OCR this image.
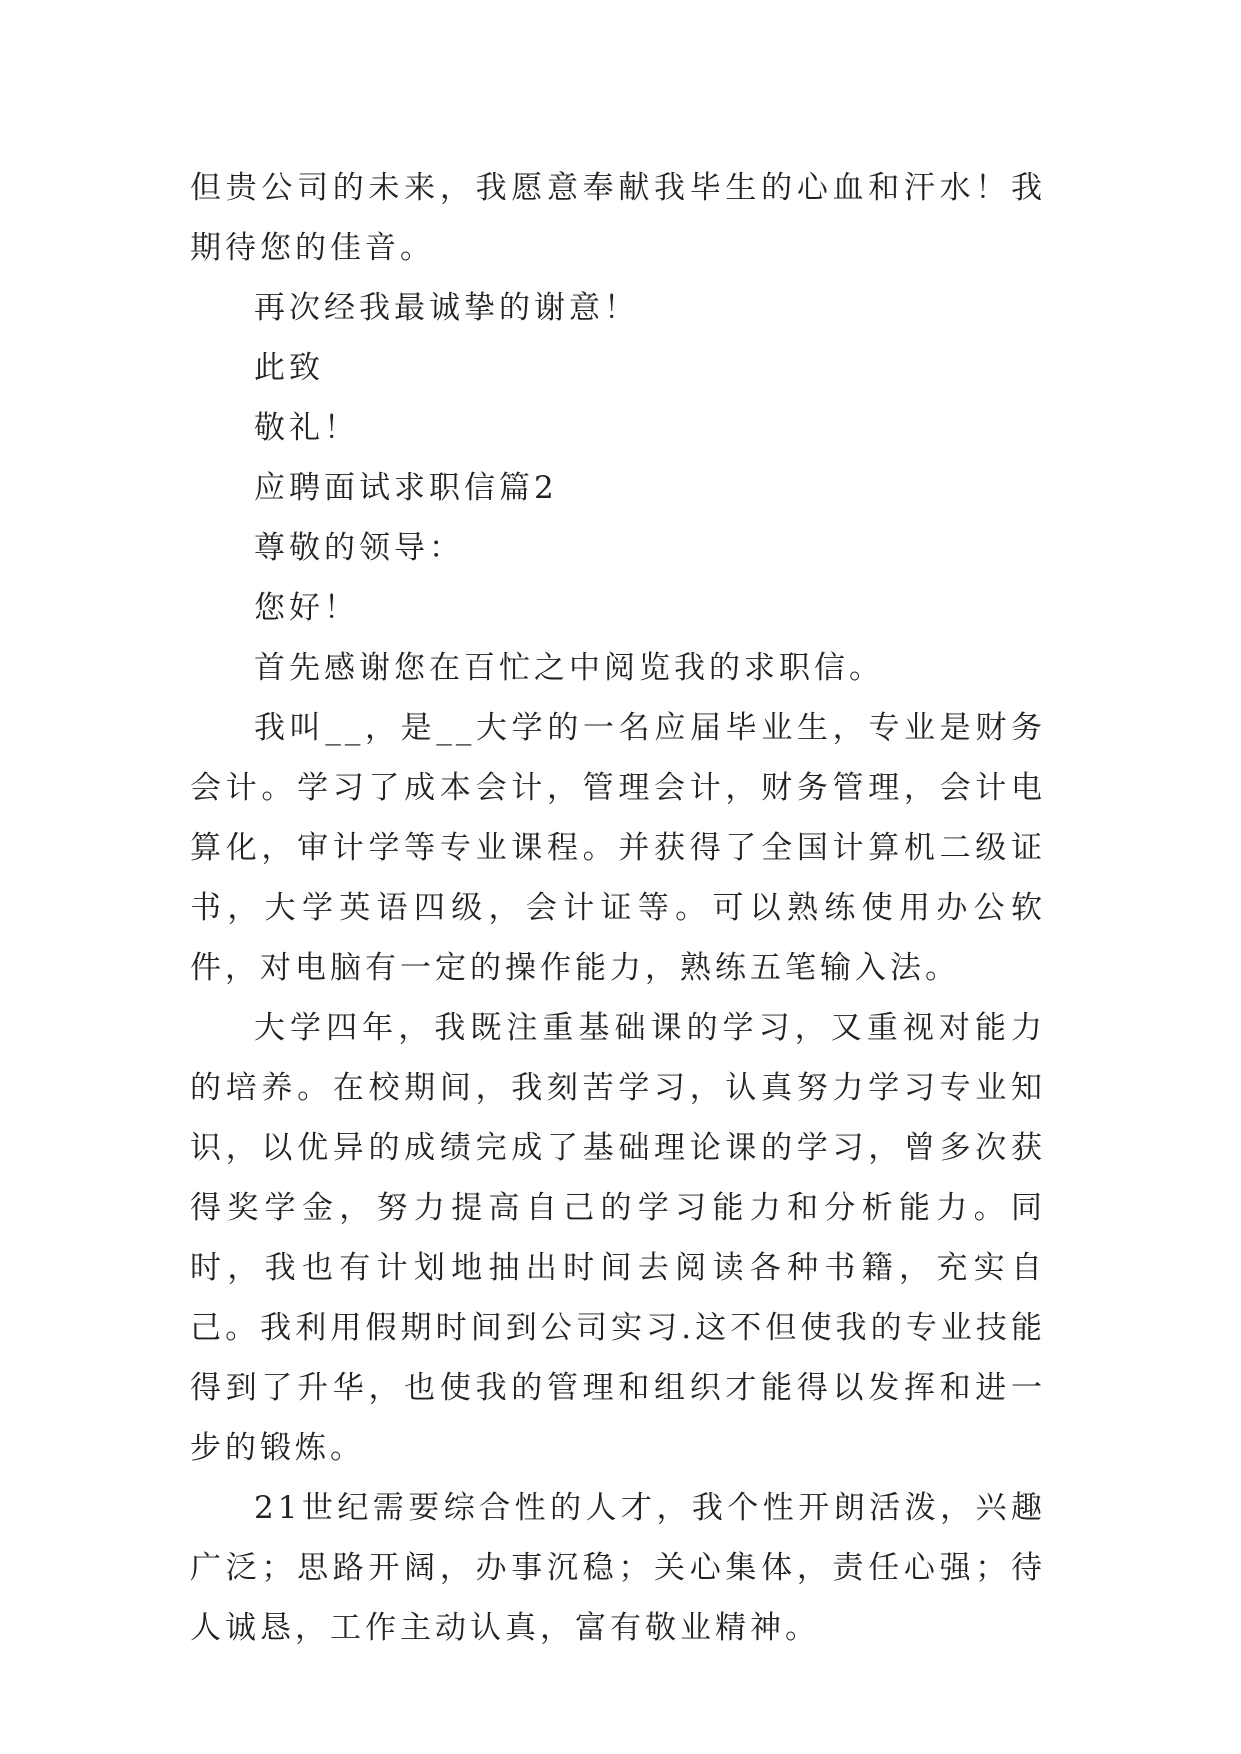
但贵公司的未来，我愿意奉献我毕生的心血和汗水！我期待您的佳音。

再次经我最诚挚的谢意！

此致

敬礼！

应聘面试求职信篇2

尊敬的领导：

您好！

首先感谢您在百忙之中阅览我的求职信。

我叫__，是__大学的一名应届毕业生，专业是财务会计。学习了成本会计，管理会计，财务管理，会计电算化，审计学等专业课程。并获得了全国计算机二级证书，大学英语四级，会计证等。可以熟练使用办公软件，对电脑有一定的操作能力，熟练五笔输入法。

大学四年，我既注重基础课的学习，又重视对能力的培养。在校期间，我刻苦学习，认真努力学习专业知识，以优异的成绩完成了基础理论课的学习，曾多次获得奖学金，努力提高自己的学习能力和分析能力。同时，我也有计划地抽出时间去阅读各种书籍，充实自己。我利用假期时间到公司实习.这不但使我的专业技能得到了升华，也使我的管理和组织才能得以发挥和进一步的锻炼。

21世纪需要综合性的人才，我个性开朗活泼，兴趣广泛；思路开阔，办事沉稳；关心集体，责任心强；待人诚恳，工作主动认真，富有敬业精神。
